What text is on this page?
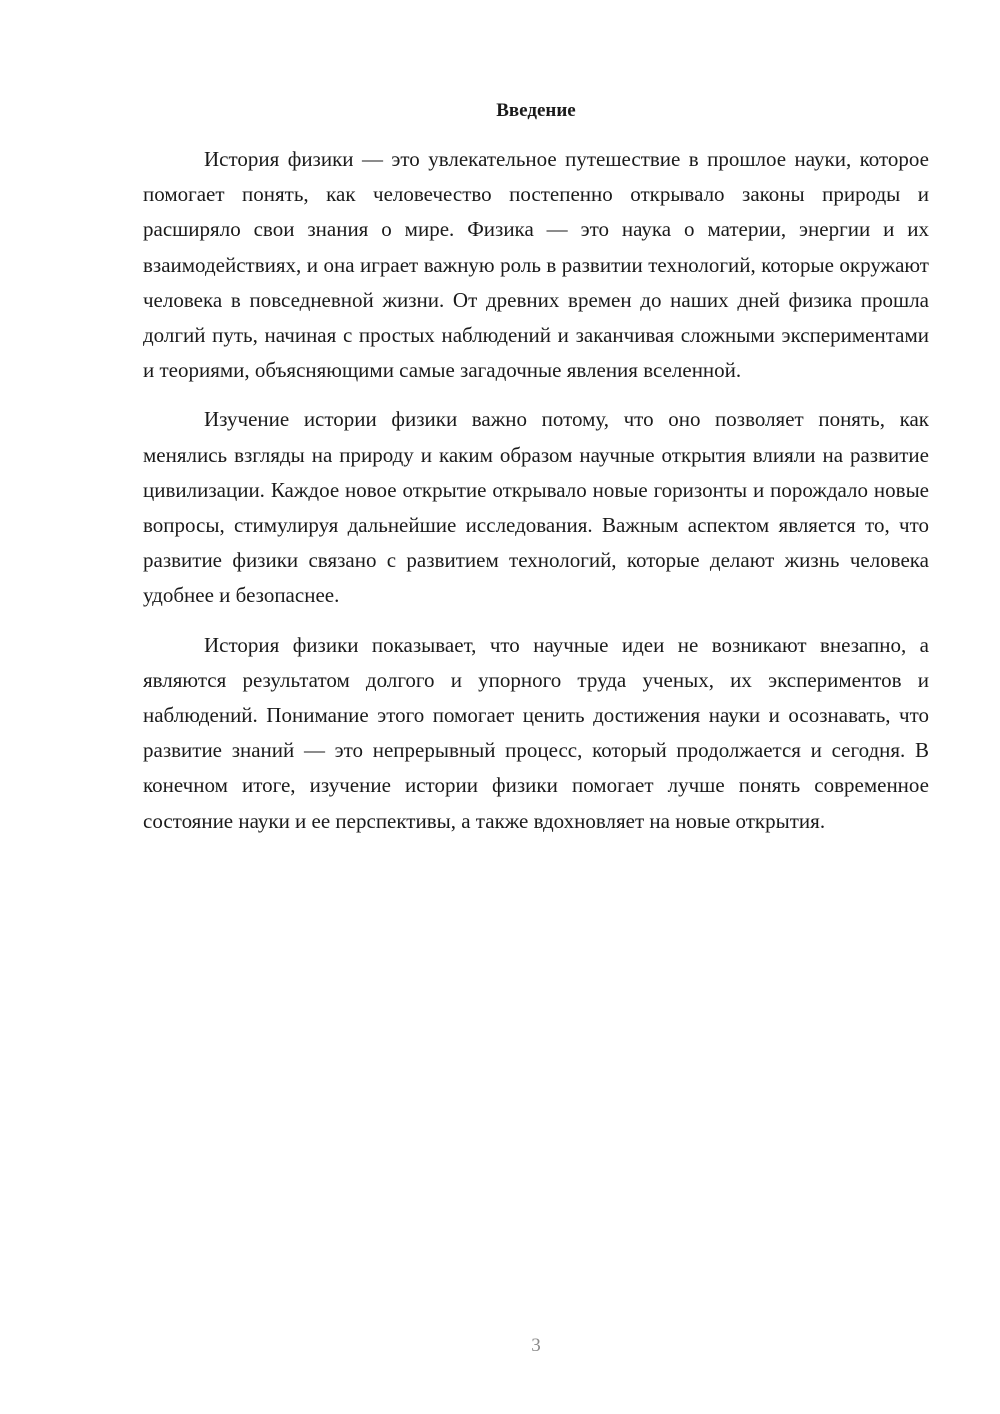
Введение

История физики — это увлекательное путешествие в прошлое науки, которое помогает понять, как человечество постепенно открывало законы природы и расширяло свои знания о мире. Физика — это наука о материи, энергии и их взаимодействиях, и она играет важную роль в развитии технологий, которые окружают человека в повседневной жизни. От древних времен до наших дней физика прошла долгий путь, начиная с простых наблюдений и заканчивая сложными экспериментами и теориями, объясняющими самые загадочные явления вселенной.

Изучение истории физики важно потому, что оно позволяет понять, как менялись взгляды на природу и каким образом научные открытия влияли на развитие цивилизации. Каждое новое открытие открывало новые горизонты и порождало новые вопросы, стимулируя дальнейшие исследования. Важным аспектом является то, что развитие физики связано с развитием технологий, которые делают жизнь человека удобнее и безопаснее.

История физики показывает, что научные идеи не возникают внезапно, а являются результатом долгого и упорного труда ученых, их экспериментов и наблюдений. Понимание этого помогает ценить достижения науки и осознавать, что развитие знаний — это непрерывный процесс, который продолжается и сегодня. В конечном итоге, изучение истории физики помогает лучше понять современное состояние науки и ее перспективы, а также вдохновляет на новые открытия.

3
